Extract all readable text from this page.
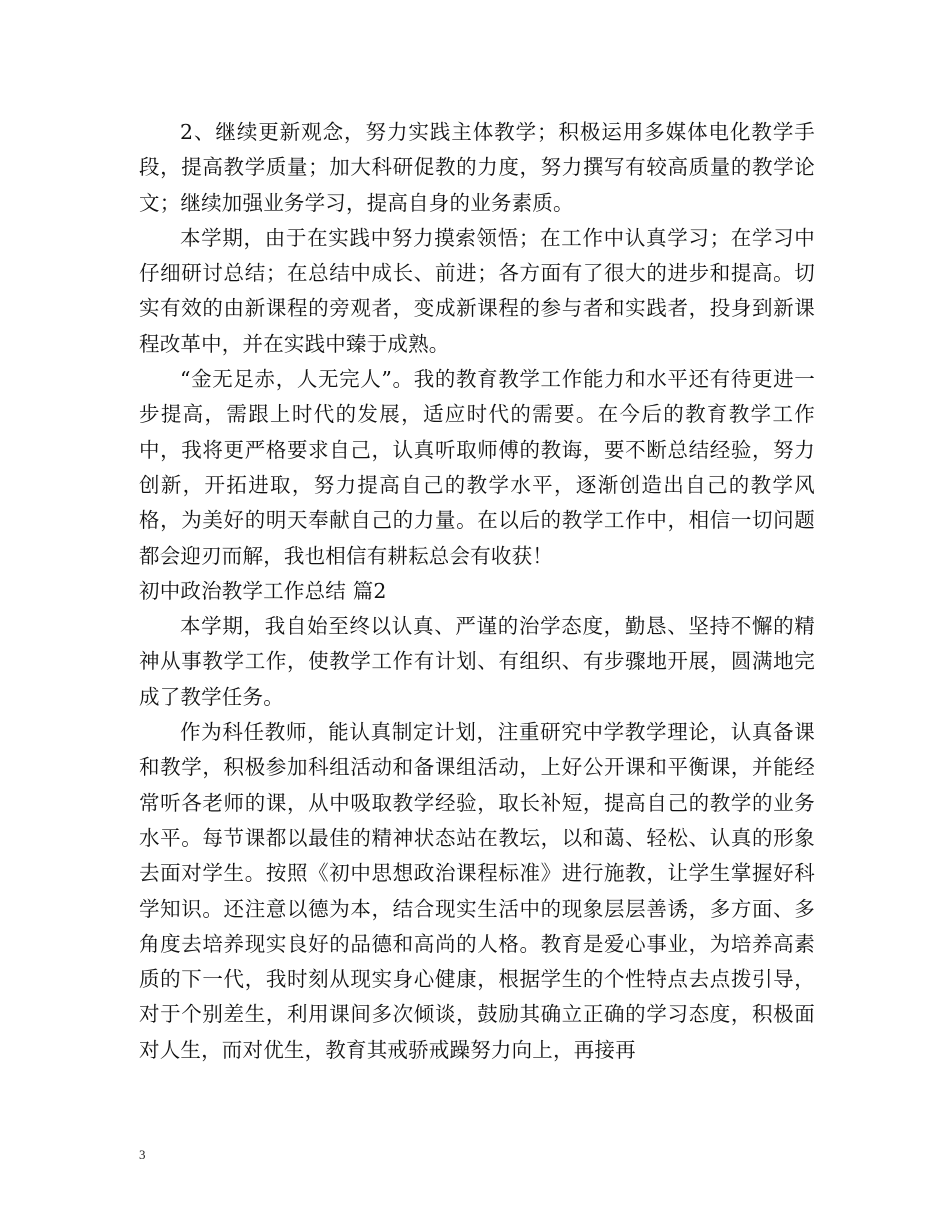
2、继续更新观念，努力实践主体教学；积极运用多媒体电化教学手段，提高教学质量；加大科研促教的力度，努力撰写有较高质量的教学论文；继续加强业务学习，提高自身的业务素质。

本学期，由于在实践中努力摸索领悟；在工作中认真学习；在学习中仔细研讨总结；在总结中成长、前进；各方面有了很大的进步和提高。切实有效的由新课程的旁观者，变成新课程的参与者和实践者，投身到新课程改革中，并在实践中臻于成熟。

“金无足赤，人无完人”。我的教育教学工作能力和水平还有待更进一步提高，需跟上时代的发展，适应时代的需要。在今后的教育教学工作中，我将更严格要求自己，认真听取师傅的教诲，要不断总结经验，努力创新，开拓进取，努力提高自己的教学水平，逐渐创造出自己的教学风格，为美好的明天奉献自己的力量。在以后的教学工作中，相信一切问题都会迎刃而解，我也相信有耕耘总会有收获！

初中政治教学工作总结 篇2

本学期，我自始至终以认真、严谨的治学态度，勤恳、坚持不懈的精神从事教学工作，使教学工作有计划、有组织、有步骤地开展，圆满地完成了教学任务。

作为科任教师，能认真制定计划，注重研究中学教学理论，认真备课和教学，积极参加科组活动和备课组活动，上好公开课和平衡课，并能经常听各老师的课，从中吸取教学经验，取长补短，提高自己的教学的业务水平。每节课都以最佳的精神状态站在教坛，以和蔼、轻松、认真的形象去面对学生。按照《初中思想政治课程标准》进行施教，让学生掌握好科学知识。还注意以德为本，结合现实生活中的现象层层善诱，多方面、多角度去培养现实良好的品德和高尚的人格。教育是爱心事业，为培养高素质的下一代，我时刻从现实身心健康，根据学生的个性特点去点拨引导，对于个别差生，利用课间多次倾谈，鼓励其确立正确的学习态度，积极面对人生，而对优生，教育其戒骄戒躁努力向上，再接再

3
